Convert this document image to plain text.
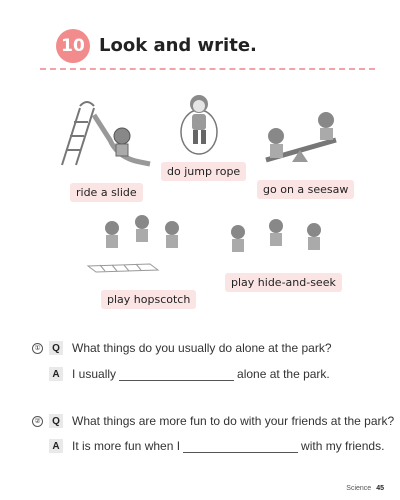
10 Look and write.
ride a slide
do jump rope
go on a seesaw
play hopscotch
play hide-and-seek
①	Q What things do you usually do alone at the park?
A I usually	alone at the park.
②	Q What things are more fun to do with your friends at the park?
A It is more fun when I	with my friends.
Science 45
